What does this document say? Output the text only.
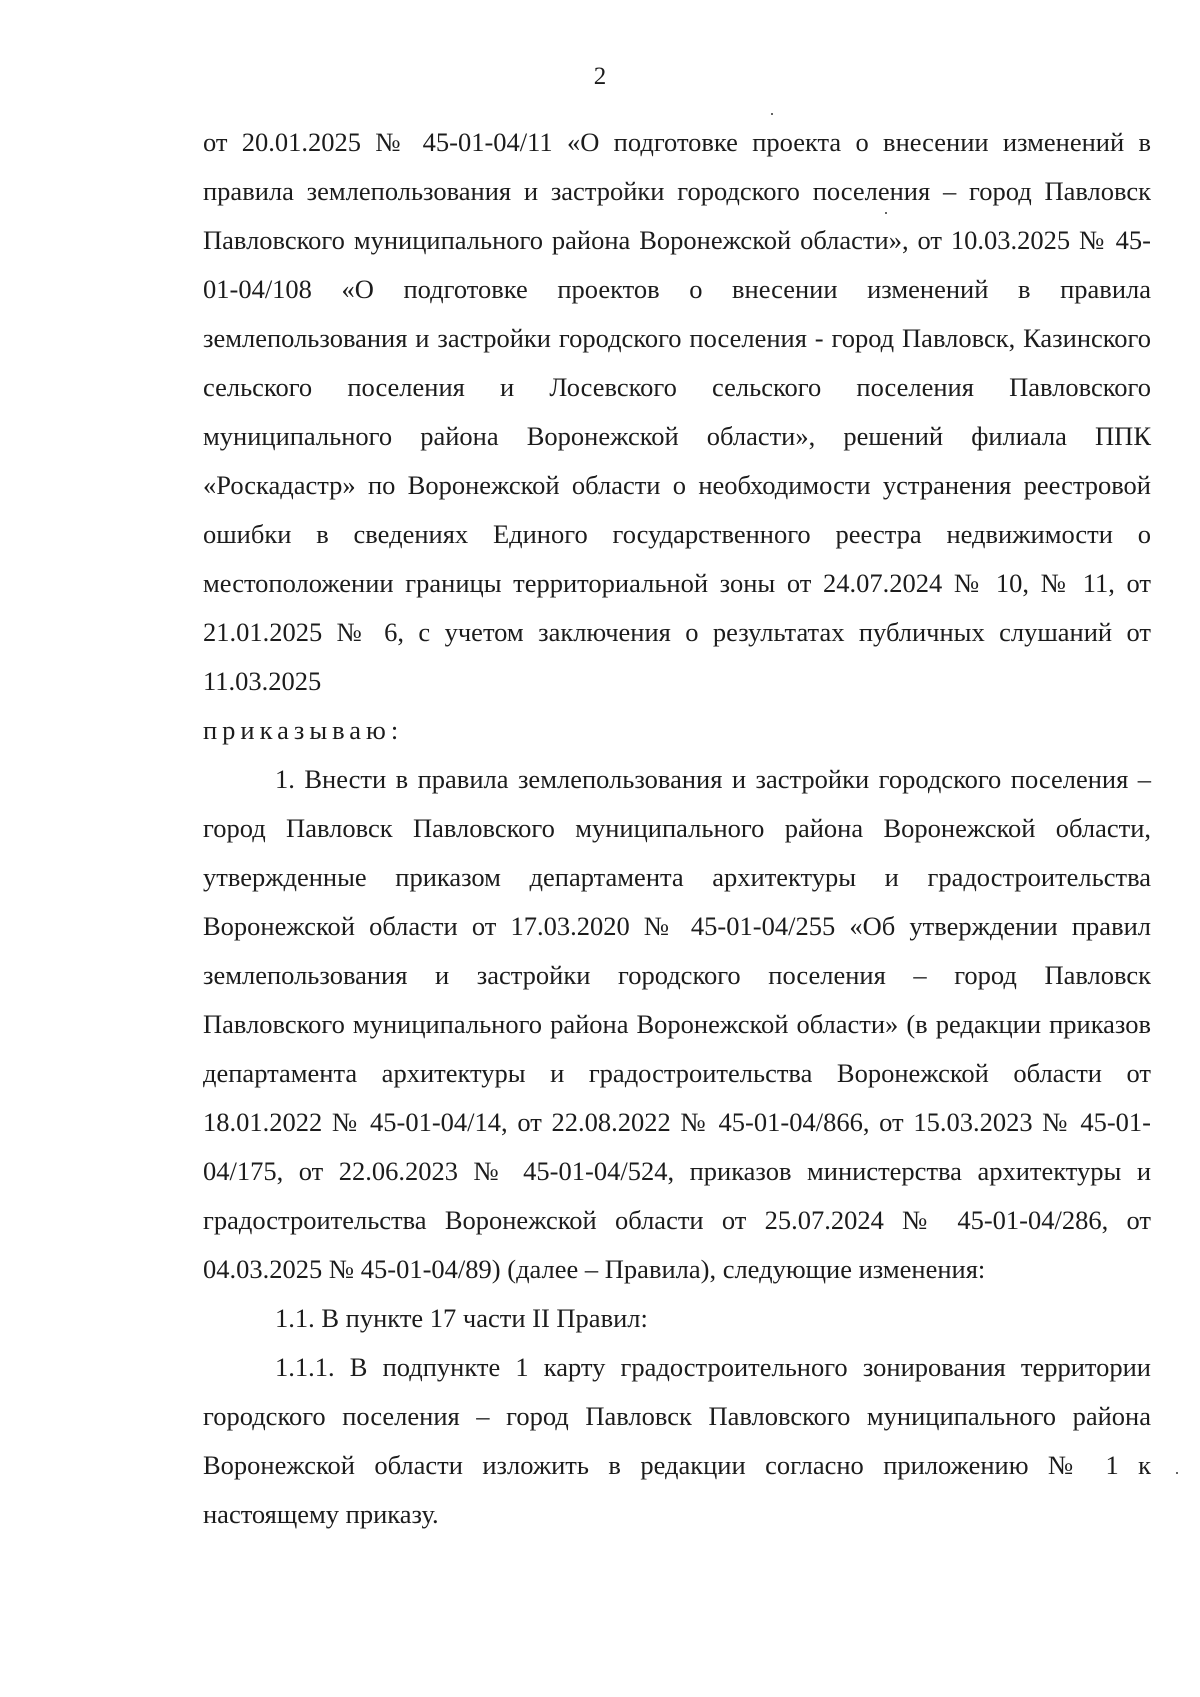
2

от 20.01.2025 № 45-01-04/11 «О подготовке проекта о внесении изменений в правила землепользования и застройки городского поселения – город Павловск Павловского муниципального района Воронежской области», от 10.03.2025 № 45-01-04/108 «О подготовке проектов о внесении изменений в правила землепользования и застройки городского поселения - город Павловск, Казинского сельского поселения и Лосевского сельского поселения Павловского муниципального района Воронежской области», решений филиала ППК «Роскадастр» по Воронежской области о необходимости устранения реестровой ошибки в сведениях Единого государственного реестра недвижимости о местоположении границы территориальной зоны от 24.07.2024 № 10, № 11, от 21.01.2025 № 6, с учетом заключения о результатах публичных слушаний от 11.03.2025

приказываю:

1. Внести в правила землепользования и застройки городского поселения – город Павловск Павловского муниципального района Воронежской области, утвержденные приказом департамента архитектуры и градостроительства Воронежской области от 17.03.2020 № 45-01-04/255 «Об утверждении правил землепользования и застройки городского поселения – город Павловск Павловского муниципального района Воронежской области» (в редакции приказов департамента архитектуры и градостроительства Воронежской области от 18.01.2022 № 45-01-04/14, от 22.08.2022 № 45-01-04/866, от 15.03.2023 № 45-01-04/175, от 22.06.2023 № 45-01-04/524, приказов министерства архитектуры и градостроительства Воронежской области от 25.07.2024 № 45-01-04/286, от 04.03.2025 № 45-01-04/89) (далее – Правила), следующие изменения:

1.1. В пункте 17 части II Правил:

1.1.1. В подпункте 1 карту градостроительного зонирования территории городского поселения – город Павловск Павловского муниципального района Воронежской области изложить в редакции согласно приложению № 1 к настоящему приказу.
